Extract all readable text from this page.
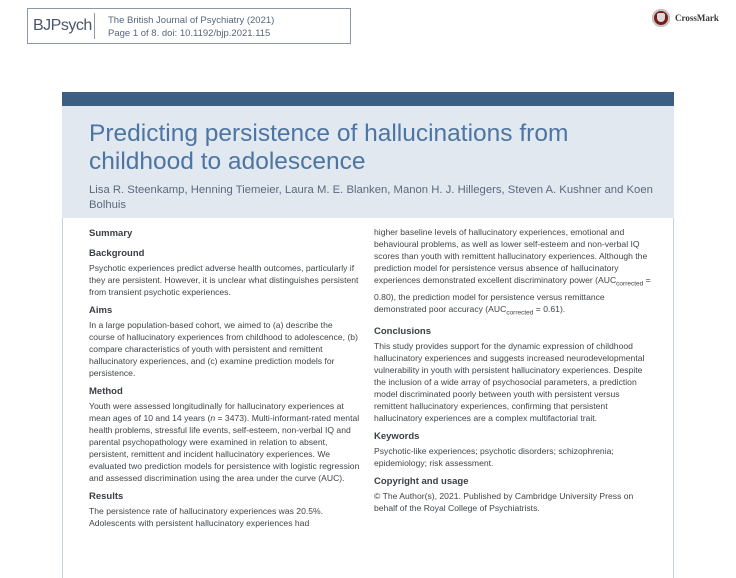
BJPsych The British Journal of Psychiatry (2021)
Page 1 of 8. doi: 10.1192/bjp.2021.115
CrossMark
Predicting persistence of hallucinations from childhood to adolescence
Lisa R. Steenkamp, Henning Tiemeier, Laura M. E. Blanken, Manon H. J. Hillegers, Steven A. Kushner and Koen Bolhuis
Summary
Background
Psychotic experiences predict adverse health outcomes, particularly if they are persistent. However, it is unclear what distinguishes persistent from transient psychotic experiences.
Aims
In a large population-based cohort, we aimed to (a) describe the course of hallucinatory experiences from childhood to adolescence, (b) compare characteristics of youth with persistent and remittent hallucinatory experiences, and (c) examine prediction models for persistence.
Method
Youth were assessed longitudinally for hallucinatory experiences at mean ages of 10 and 14 years (n = 3473). Multi-informant-rated mental health problems, stressful life events, self-esteem, non-verbal IQ and parental psychopathology were examined in relation to absent, persistent, remittent and incident hallucinatory experiences. We evaluated two prediction models for persistence with logistic regression and assessed discrimination using the area under the curve (AUC).
Results
The persistence rate of hallucinatory experiences was 20.5%. Adolescents with persistent hallucinatory experiences had
higher baseline levels of hallucinatory experiences, emotional and behavioural problems, as well as lower self-esteem and non-verbal IQ scores than youth with remittent hallucinatory experiences. Although the prediction model for persistence versus absence of hallucinatory experiences demonstrated excellent discriminatory power $(AUC_{corrected} = 0.80)$, the prediction model for persistence versus remittance demonstrated poor accuracy $(AUC_{corrected} = 0.61)$.
Conclusions
This study provides support for the dynamic expression of childhood hallucinatory experiences and suggests increased neurodevelopmental vulnerability in youth with persistent hallucinatory experiences. Despite the inclusion of a wide array of psychosocial parameters, a prediction model discriminated poorly between youth with persistent versus remittent hallucinatory experiences, confirming that persistent hallucinatory experiences are a complex multifactorial trait.
Keywords
Psychotic-like experiences; psychotic disorders; schizophrenia; epidemiology; risk assessment.
Copyright and usage
© The Author(s), 2021. Published by Cambridge University Press on behalf of the Royal College of Psychiatrists.
